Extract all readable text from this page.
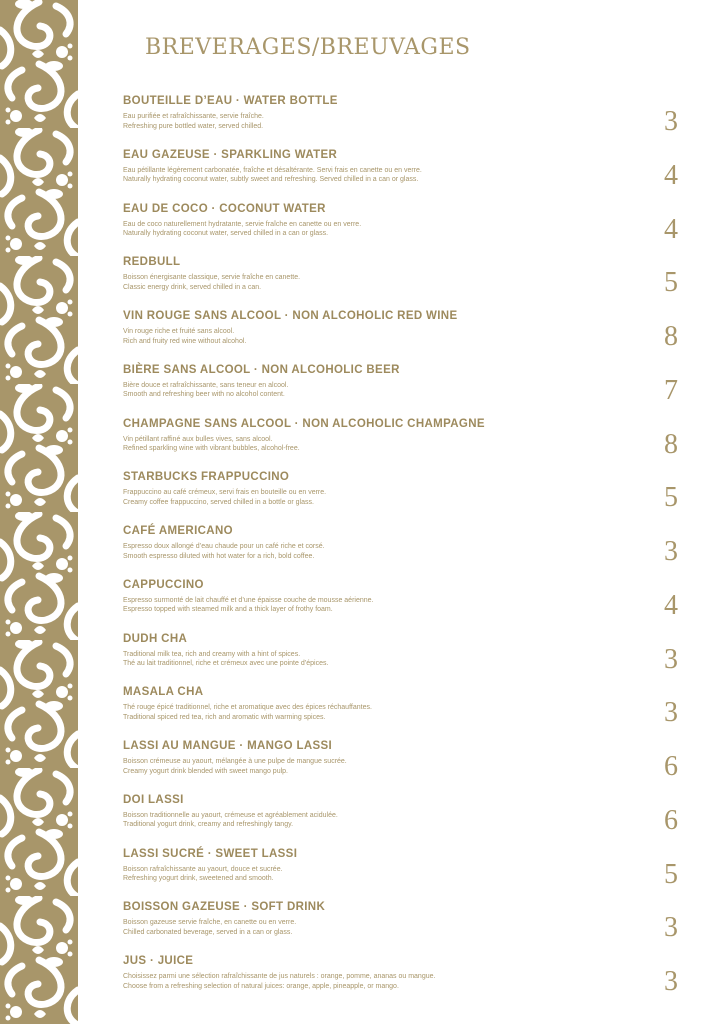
BREVERAGES/BREUVAGES
BOUTEILLE D’EAU · WATER BOTTLE
Eau purifiée et rafraîchissante, servie fraîche.
Refreshing pure bottled water, served chilled.	3
EAU GAZEUSE · SPARKLING WATER
Eau pétillante légèrement carbonatée, fraîche et désaltérante. Servi frais en canette ou en verre.
Naturally hydrating coconut water, subtly sweet and refreshing. Served chilled in a can or glass.	4
EAU DE COCO · COCONUT WATER
Eau de coco naturellement hydratante, servie fraîche en canette ou en verre.
Naturally hydrating coconut water, served chilled in a can or glass.	4
REDBULL
Boisson énergisante classique, servie fraîche en canette.
Classic energy drink, served chilled in a can.	5
VIN ROUGE SANS ALCOOL · NON ALCOHOLIC RED WINE
Vin rouge riche et fruité sans alcool.
Rich and fruity red wine without alcohol.	8
BIÈRE SANS ALCOOL · NON ALCOHOLIC BEER
Bière douce et rafraîchissante, sans teneur en alcool.
Smooth and refreshing beer with no alcohol content.	7
CHAMPAGNE SANS ALCOOL · NON ALCOHOLIC CHAMPAGNE
Vin pétillant raffiné aux bulles vives, sans alcool.
Refined sparkling wine with vibrant bubbles, alcohol-free.	8
STARBUCKS FRAPPUCCINO
Frappuccino au café crémeux, servi frais en bouteille ou en verre.
Creamy coffee frappuccino, served chilled in a bottle or glass.	5
CAFÉ AMERICANO
Espresso doux allongé d’eau chaude pour un café riche et corsé.
Smooth espresso diluted with hot water for a rich, bold coffee.	3
CAPPUCCINO
Espresso surmonté de lait chauffé et d’une épaisse couche de mousse aérienne.
Espresso topped with steamed milk and a thick layer of frothy foam.	4
DUDH CHA
Traditional milk tea, rich and creamy with a hint of spices.
Thé au lait traditionnel, riche et crémeux avec une pointe d’épices.	3
MASALA CHA
Thé rouge épicé traditionnel, riche et aromatique avec des épices réchauffantes.
Traditional spiced red tea, rich and aromatic with warming spices.	3
LASSI AU MANGUE · MANGO LASSI
Boisson crémeuse au yaourt, mélangée à une pulpe de mangue sucrée.
Creamy yogurt drink blended with sweet mango pulp.	6
DOI LASSI
Boisson traditionnelle au yaourt, crémeuse et agréablement acidulée.
Traditional yogurt drink, creamy and refreshingly tangy.	6
LASSI SUCRÉ · SWEET LASSI
Boisson rafraîchissante au yaourt, douce et sucrée.
Refreshing yogurt drink, sweetened and smooth.	5
BOISSON GAZEUSE · SOFT DRINK
Boisson gazeuse servie fraîche, en canette ou en verre.
Chilled carbonated beverage, served in a can or glass.	3
JUS · JUICE
Choisissez parmi une sélection rafraîchissante de jus naturels : orange, pomme, ananas ou mangue.
Choose from a refreshing selection of natural juices: orange, apple, pineapple, or mango.	3
